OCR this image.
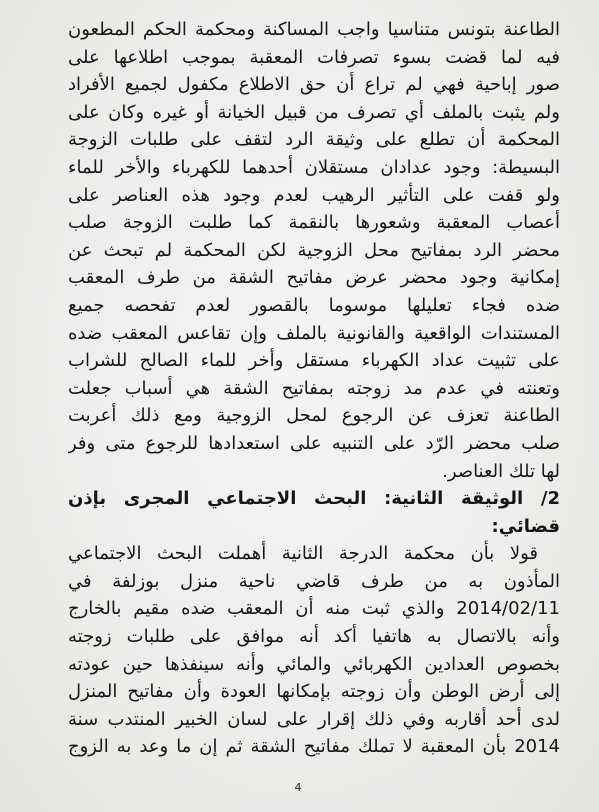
الطاعنة بتونس متناسيا واجب المساكنة ومحكمة الحكم المطعون
فيه لما قضت بسوء تصرفات المعقبة بموجب اطلاعها على
صور إباحية فهي لم تراع أن حق الاطلاع مكفول لجميع الأفراد
ولم يثبت بالملف أي تصرف من قبيل الخيانة أو غيره وكان على
المحكمة أن تطلع على وثيقة الرد لتقف على طلبات الزوجة
البسيطة: وجود عدادان مستقلان أحدهما للكهرباء والأخر للماء
ولو قفت على التأثير الرهيب لعدم وجود هذه العناصر على
أعصاب المعقبة وشعورها بالنقمة كما طلبت الزوجة صلب
محضر الرد بمفاتيح محل الزوجية لكن المحكمة لم تبحث عن
إمكانية وجود محضر عرض مفاتيح الشقة من طرف المعقب
ضده فجاء تعليلها موسوما بالقصور لعدم تفحصه جميع
المستندات الواقعية والقانونية بالملف وإن تقاعس المعقب ضده
على تثبيت عداد الكهرباء مستقل وأخر للماء الصالح للشراب
وتعنته في عدم مد زوجته بمفاتيح الشقة هي أسباب جعلت
الطاعنة تعزف عن الرجوع لمحل الزوجية ومع ذلك أعربت
صلب محضر الرّد على التنبيه على استعدادها للرجوع متى وفر
لها تلك العناصر.
2/ الوثيقة الثانية: البحث الاجتماعي المجرى بإذن
قضائي:
قولا بأن محكمة الدرجة الثانية أهملت البحث الاجتماعي
المأذون به من طرف قاضي ناحية منزل بوزلفة في
2014/02/11 والذي ثبت منه أن المعقب ضده مقيم بالخارج
وأنه بالاتصال به هاتفيا أكد أنه موافق على طلبات زوجته
بخصوص العدادين الكهربائي والمائي وأنه سينفذها حين عودته
إلى أرض الوطن وأن زوجته بإمكانها العودة وأن مفاتيح المنزل
لدى أحد أقاربه وفي ذلك إقرار على لسان الخبير المنتدب سنة
2014 بأن المعقبة لا تملك مفاتيح الشقة ثم إن ما وعد به الزوج
4
